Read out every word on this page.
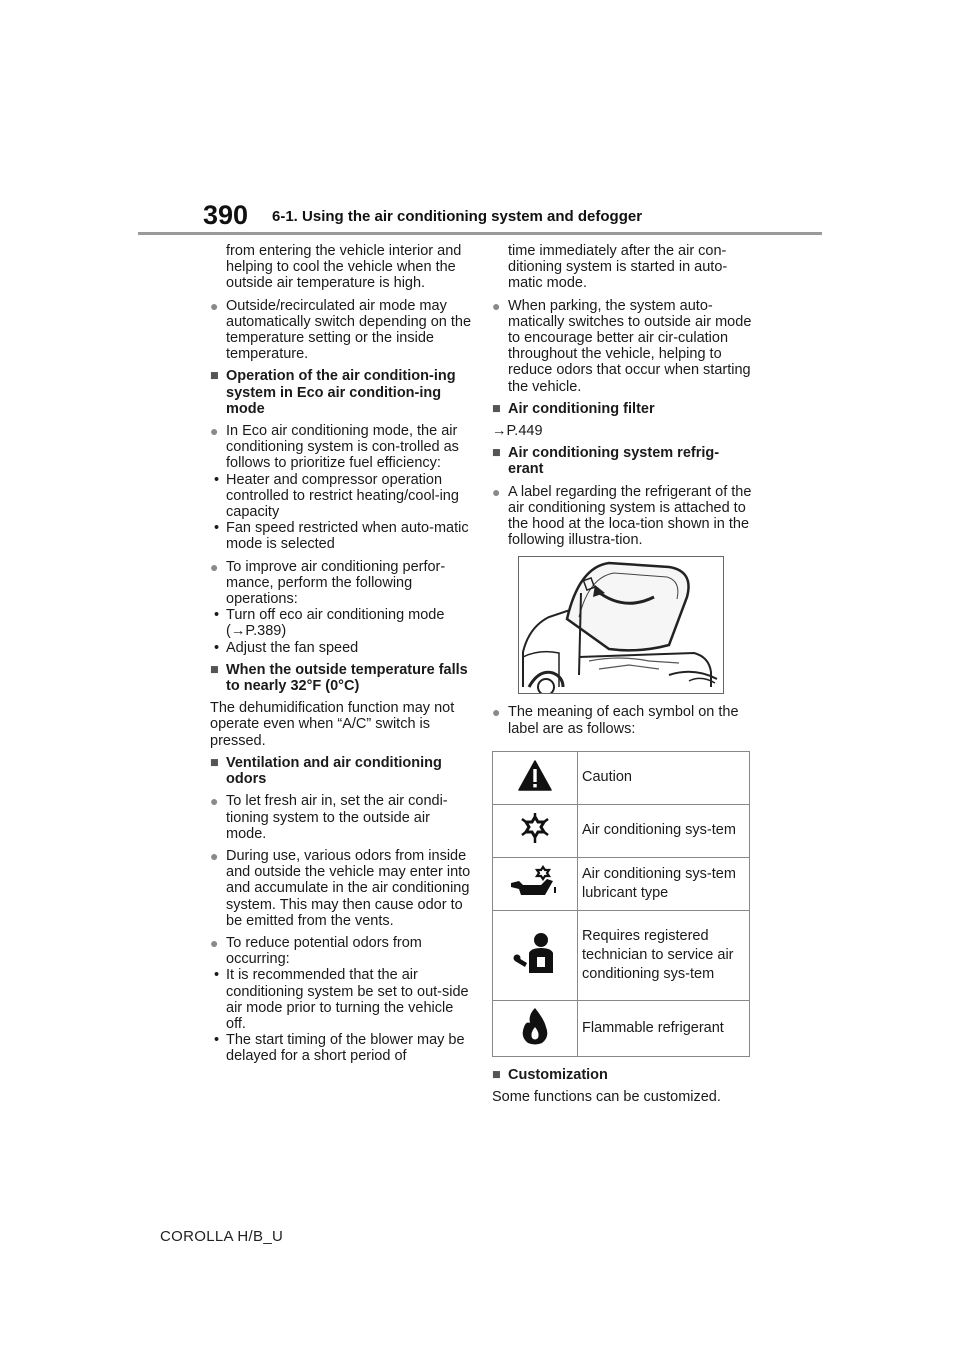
390 6-1. Using the air conditioning system and defogger
from entering the vehicle interior and helping to cool the vehicle when the outside air temperature is high.
● Outside/recirculated air mode may automatically switch depending on the temperature setting or the inside temperature.
■ Operation of the air condition-ing system in Eco air condition-ing mode
● In Eco air conditioning mode, the air conditioning system is con-trolled as follows to prioritize fuel efficiency:
• Heater and compressor operation controlled to restrict heating/cool-ing capacity
• Fan speed restricted when auto-matic mode is selected
● To improve air conditioning perfor-mance, perform the following operations:
• Turn off eco air conditioning mode (→P.389)
• Adjust the fan speed
■ When the outside temperature falls to nearly 32°F (0°C)
The dehumidification function may not operate even when “A/C” switch is pressed.
■ Ventilation and air conditioning odors
● To let fresh air in, set the air condi-tioning system to the outside air mode.
● During use, various odors from inside and outside the vehicle may enter into and accumulate in the air conditioning system. This may then cause odor to be emitted from the vents.
● To reduce potential odors from occurring:
• It is recommended that the air conditioning system be set to out-side air mode prior to turning the vehicle off.
• The start timing of the blower may be delayed for a short period of
time immediately after the air con-ditioning system is started in auto-matic mode.
● When parking, the system auto-matically switches to outside air mode to encourage better air cir-culation throughout the vehicle, helping to reduce odors that occur when starting the vehicle.
■ Air conditioning filter
→P.449
■ Air conditioning system refrig-erant
● A label regarding the refrigerant of the air conditioning system is attached to the hood at the loca-tion shown in the following illustra-tion.
● The meaning of each symbol on the label are as follows:
	Caution
	Air conditioning sys-tem
	Air conditioning sys-tem lubricant type
	Requires registered technician to service air conditioning sys-tem
	Flammable refrigerant
■ Customization
Some functions can be customized.
COROLLA H/B_U
